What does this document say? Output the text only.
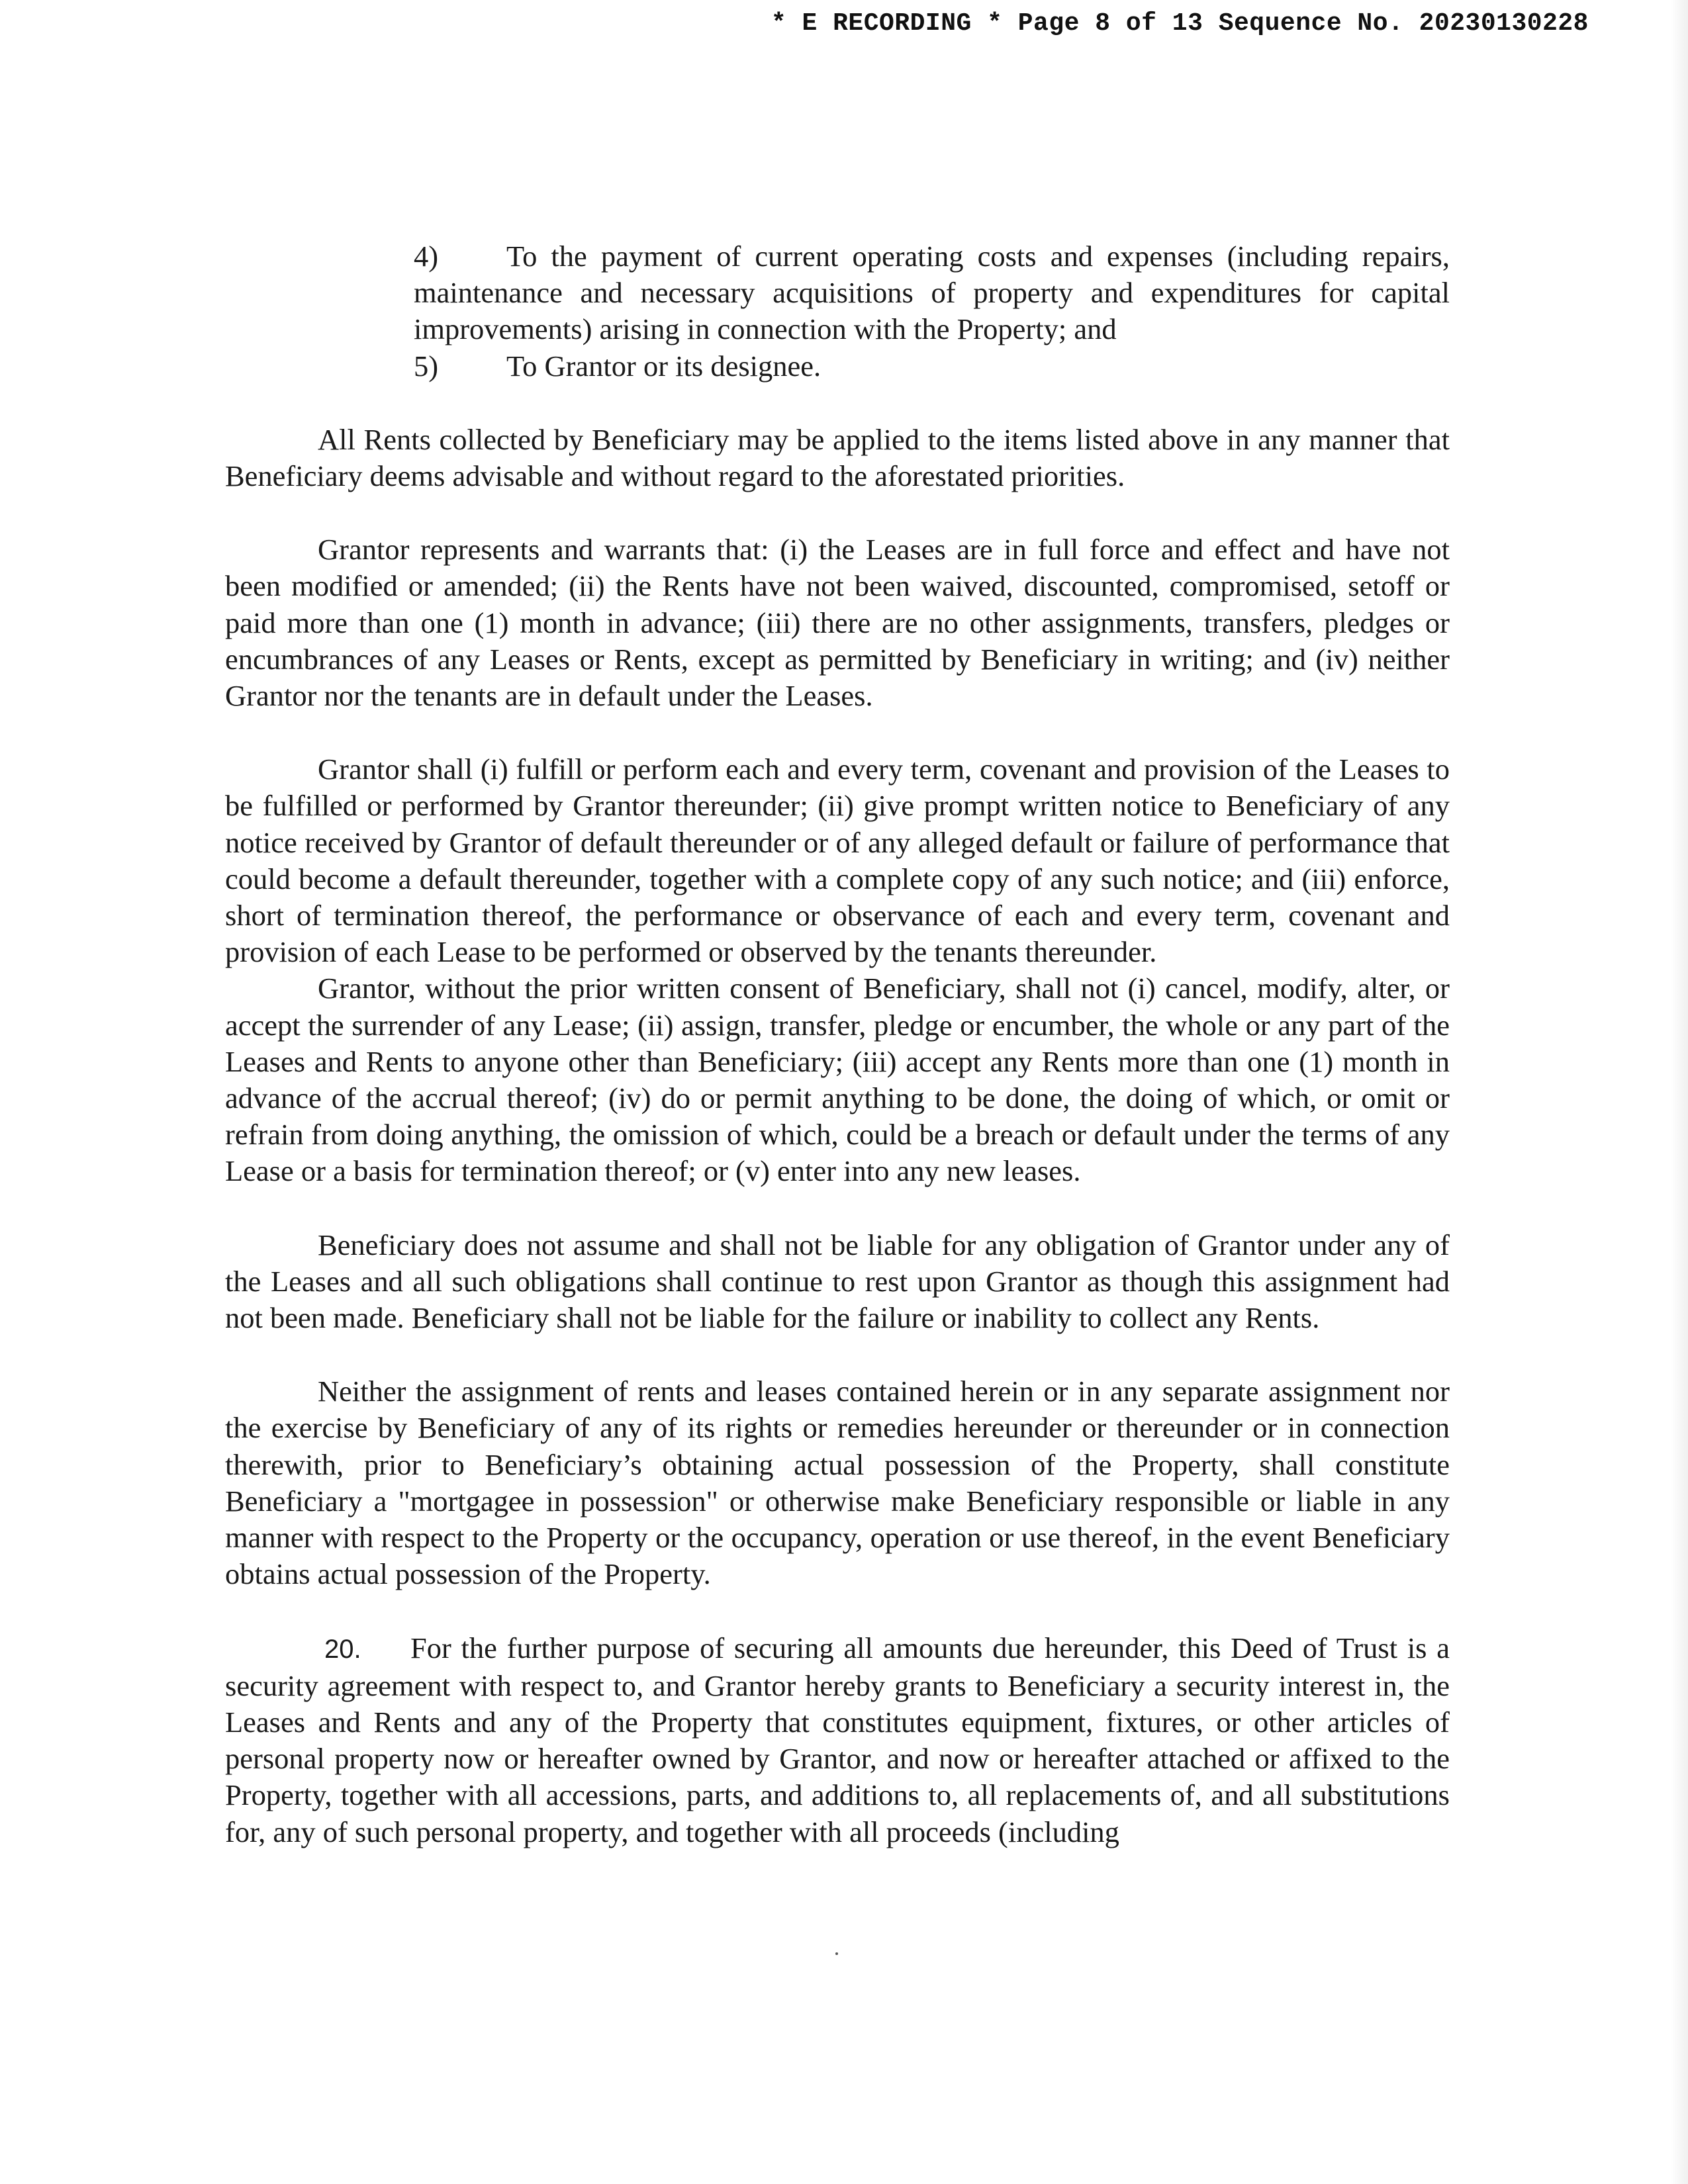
* E RECORDING * Page 8 of 13 Sequence No. 20230130228
4) To the payment of current operating costs and expenses (including repairs, maintenance and necessary acquisitions of property and expenditures for capital improvements) arising in connection with the Property; and
5) To Grantor or its designee.

All Rents collected by Beneficiary may be applied to the items listed above in any manner that Beneficiary deems advisable and without regard to the aforestated priorities.

Grantor represents and warrants that: (i) the Leases are in full force and effect and have not been modified or amended; (ii) the Rents have not been waived, discounted, compromised, setoff or paid more than one (1) month in advance; (iii) there are no other assignments, transfers, pledges or encumbrances of any Leases or Rents, except as permitted by Beneficiary in writing; and (iv) neither Grantor nor the tenants are in default under the Leases.

Grantor shall (i) fulfill or perform each and every term, covenant and provision of the Leases to be fulfilled or performed by Grantor thereunder; (ii) give prompt written notice to Beneficiary of any notice received by Grantor of default thereunder or of any alleged default or failure of performance that could become a default thereunder, together with a complete copy of any such notice; and (iii) enforce, short of termination thereof, the performance or observance of each and every term, covenant and provision of each Lease to be performed or observed by the tenants thereunder.

Grantor, without the prior written consent of Beneficiary, shall not (i) cancel, modify, alter, or accept the surrender of any Lease; (ii) assign, transfer, pledge or encumber, the whole or any part of the Leases and Rents to anyone other than Beneficiary; (iii) accept any Rents more than one (1) month in advance of the accrual thereof; (iv) do or permit anything to be done, the doing of which, or omit or refrain from doing anything, the omission of which, could be a breach or default under the terms of any Lease or a basis for termination thereof; or (v) enter into any new leases.

Beneficiary does not assume and shall not be liable for any obligation of Grantor under any of the Leases and all such obligations shall continue to rest upon Grantor as though this assignment had not been made. Beneficiary shall not be liable for the failure or inability to collect any Rents.

Neither the assignment of rents and leases contained herein or in any separate assignment nor the exercise by Beneficiary of any of its rights or remedies hereunder or thereunder or in connection therewith, prior to Beneficiary’s obtaining actual possession of the Property, shall constitute Beneficiary a "mortgagee in possession" or otherwise make Beneficiary responsible or liable in any manner with respect to the Property or the occupancy, operation or use thereof, in the event Beneficiary obtains actual possession of the Property.

20. For the further purpose of securing all amounts due hereunder, this Deed of Trust is a security agreement with respect to, and Grantor hereby grants to Beneficiary a security interest in, the Leases and Rents and any of the Property that constitutes equipment, fixtures, or other articles of personal property now or hereafter owned by Grantor, and now or hereafter attached or affixed to the Property, together with all accessions, parts, and additions to, all replacements of, and all substitutions for, any of such personal property, and together with all proceeds (including
